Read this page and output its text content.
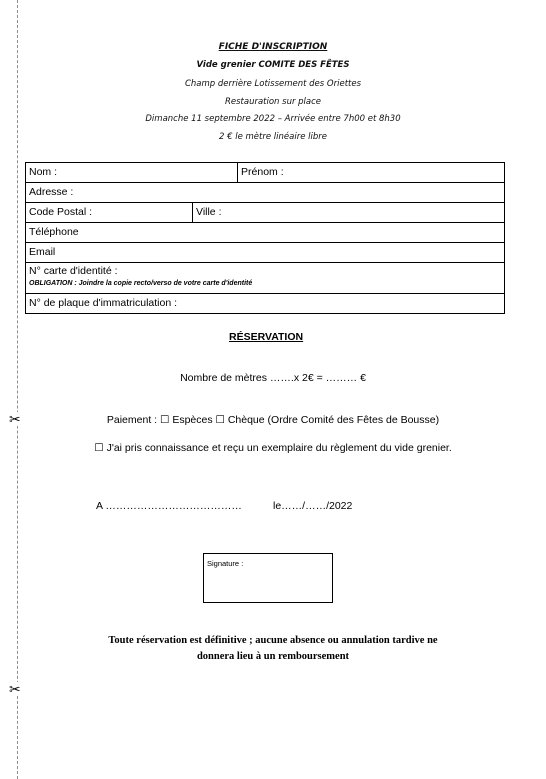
✂
✂
FICHE D'INSCRIPTION
Vide grenier COMITE DES FÊTES
Champ derrière Lotissement des Oriettes
Restauration sur place
Dimanche 11 septembre 2022 – Arrivée entre 7h00 et 8h30
2 € le mètre linéaire libre
Nom :		Prénom :
Adresse :		
Code Postal :	Ville :	
Téléphone		
Email		

N° carte d'identité :
OBLIGATION : Joindre la copie recto/verso de votre carte d'identité		

N° de plaque d'immatriculation :		
RÉSERVATION
Nombre de mètres …….x 2€ = ……… €
Paiement : ☐ Espèces ☐ Chèque (Ordre Comité des Fêtes de Bousse)
☐ J'ai pris connaissance et reçu un exemplaire du règlement du vide grenier.
A …………………………………	le……/……/2022
Signature :
Toute réservation est définitive ; aucune absence ou annulation tardive ne
donnera lieu à un remboursement
